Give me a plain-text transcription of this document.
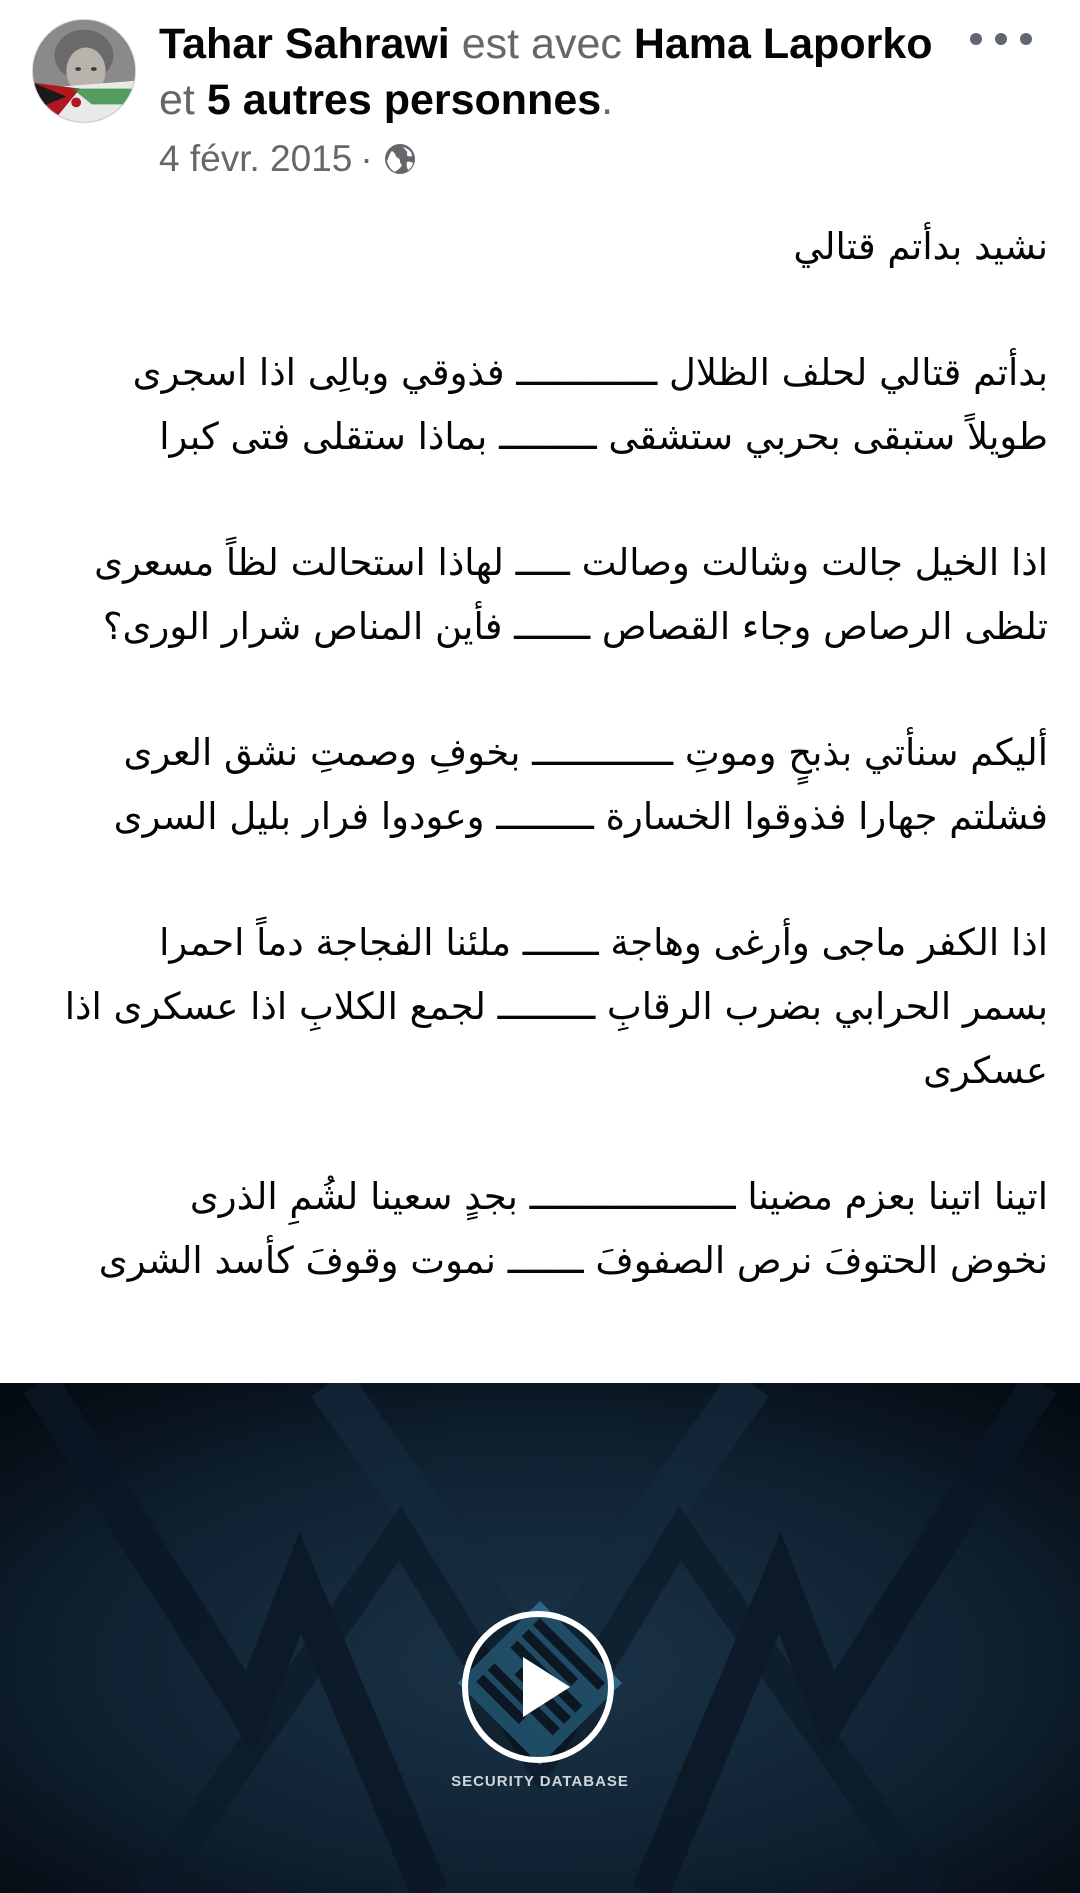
Tahar Sahrawi est avec Hama Laporko et 5 autres personnes.
4 févr. 2015 ·
نشيد بدأتم قتالي
بدأتم قتالي لحلف الظلال ـــــــــــــ فذوقي وبالِى اذا اسجرى
طويلاً ستبقى بحربي ستشقى ـــــــــ بماذا ستقلى فتى كبرا
اذا الخيل جالت وشالت وصالت ـــــ لهاذا استحالت لظاً مسعرى
تلظى الرصاص وجاء القصاص ـــــــ فأين المناص شرار الورى؟
أليكم سنأتي بذبحٍ وموتِ ـــــــــــــ بخوفِ وصمتِ نشق العرى
فشلتم جهارا فذوقوا الخسارة ـــــــــ وعودوا فرار بليل السرى
اذا الكفر ماجى وأرغى وهاجة ـــــــ ملئنا الفجاجة دماً احمرا
بسمر الحرابي بضرب الرقابِ ـــــــــ لجمع الكلابِ اذا عسكرى اذا عسكرى
اتينا اتينا بعزم مضينا ـــــــــــــــــــ بجدٍ سعينا لشُمِ الذرى
نخوض الحتوفَ نرص الصفوفَ ـــــــ نموت وقوفَ كأسد الشرى
SECURITY DATABASE
